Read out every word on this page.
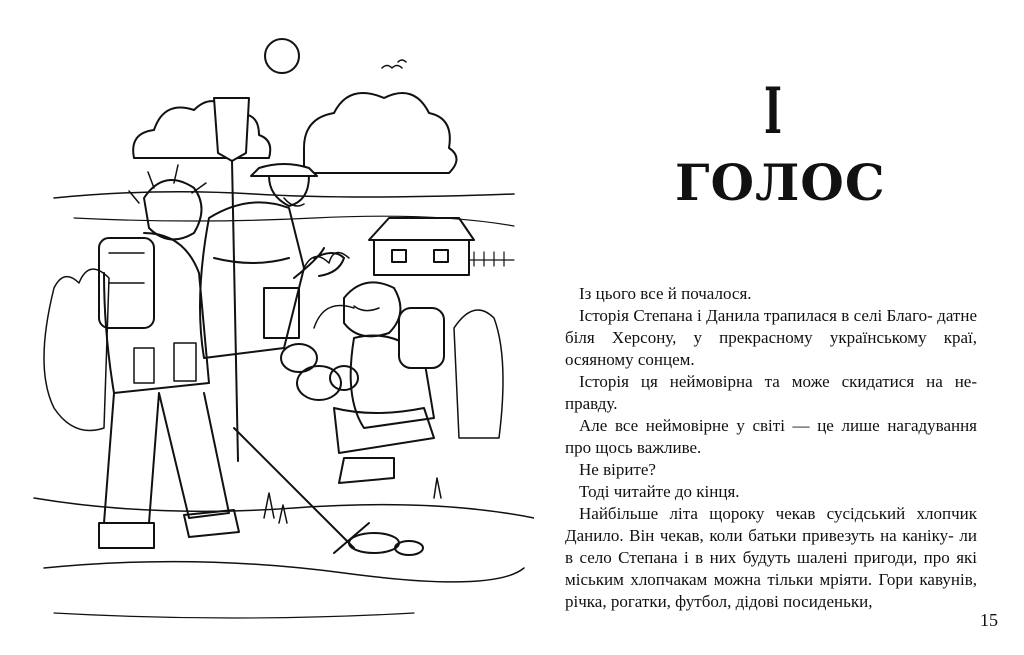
І
ГОЛОС

Із цього все й почалося.

Історія Степана і Данила трапилася в селі Благо- датне біля Херсону, у прекрасному українському краї, осяяному сонцем.

Історія ця неймовірна та може скидатися на не- правду.

Але все неймовірне у світі — це лише нагадування про щось важливе.

Не вірите?

Тоді читайте до кінця.

Найбільше літа щороку чекав сусідський хлопчик Данило. Він чекав, коли батьки привезуть на каніку- ли в село Степана і в них будуть шалені пригоди, про які міським хлопчакам можна тільки мріяти. Гори кавунів, річка, рогатки, футбол, дідові посиденьки,

15
